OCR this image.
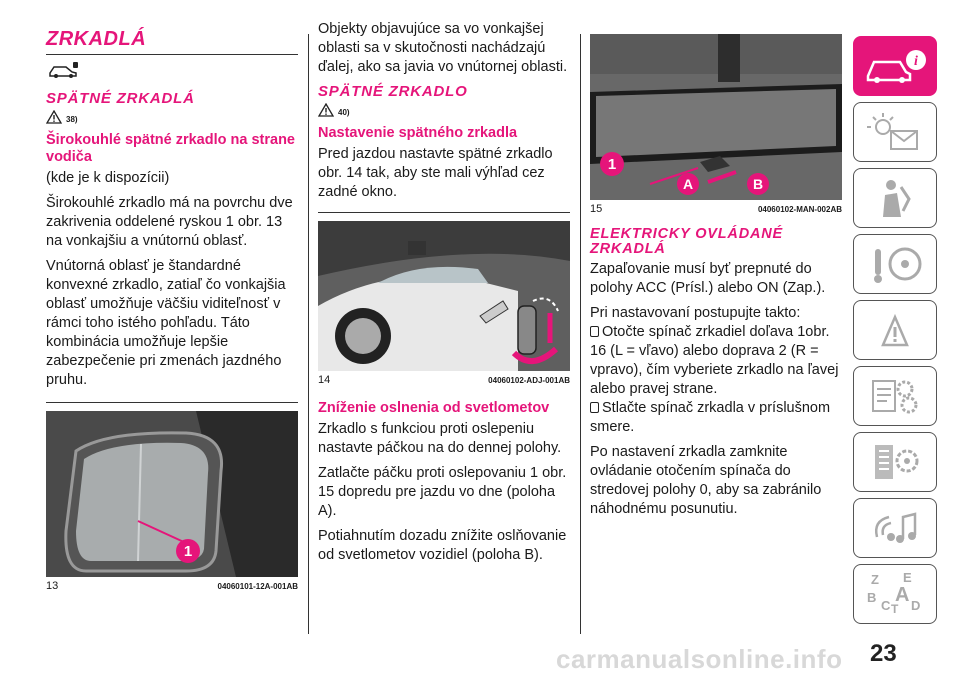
ZRKADLÁ
SPÄTNÉ ZRKADLÁ
38)
Širokouhlé spätné zrkadlo na strane vodiča

(kde je k dispozícii)

Širokouhlé zrkadlo má na povrchu dve zakrivenia oddelené ryskou 1 obr. 13 na vonkajšiu a vnútornú oblasť.

Vnútorná oblasť je štandardné konvexné zrkadlo, zatiaľ čo vonkajšia oblasť umožňuje väčšiu viditeľnosť v rámci toho istého pohľadu. Táto kombinácia umožňuje lepšie zabezpečenie pri zmenách jazdného pruhu.

1
13	04060101-12A-001AB

Objekty objavujúce sa vo vonkajšej oblasti sa v skutočnosti nachádzajú ďalej, ako sa javia vo vnútornej oblasti.

SPÄTNÉ ZRKADLO
40)
Nastavenie spätného zrkadla

Pred jazdou nastavte spätné zrkadlo obr. 14 tak, aby ste mali výhľad cez zadné okno.

14	04060102-ADJ-001AB
Zníženie oslnenia od svetlometov

Zrkadlo s funkciou proti oslepeniu nastavte páčkou na do dennej polohy.

Zatlačte páčku proti oslepovaniu 1 obr. 15 dopredu pre jazdu vo dne (poloha A).

Potiahnutím dozadu znížite oslňovanie od svetlometov vozidiel (poloha B).

1
A	B
15	04060102-MAN-002AB
ELEKTRICKY OVLÁDANÉ ZRKADLÁ

Zapaľovanie musí byť prepnuté do polohy ACC (Prísl.) alebo ON (Zap.).

Pri nastavovaní postupujte takto:

Otočte spínač zrkadiel doľava 1obr. 16 (L = vľavo) alebo doprava 2 (R = vpravo), čím vyberiete zrkadlo na ľavej alebo pravej strane.

Stlačte spínač zrkadla v príslušnom smere.

Po nastavení zrkadla zamknite ovládanie otočením spínača do stredovej polohy 0, aby sa zabránilo náhodnému posunutiu.

i
Z E
B A
C T D
carmanualsonline.info 23
